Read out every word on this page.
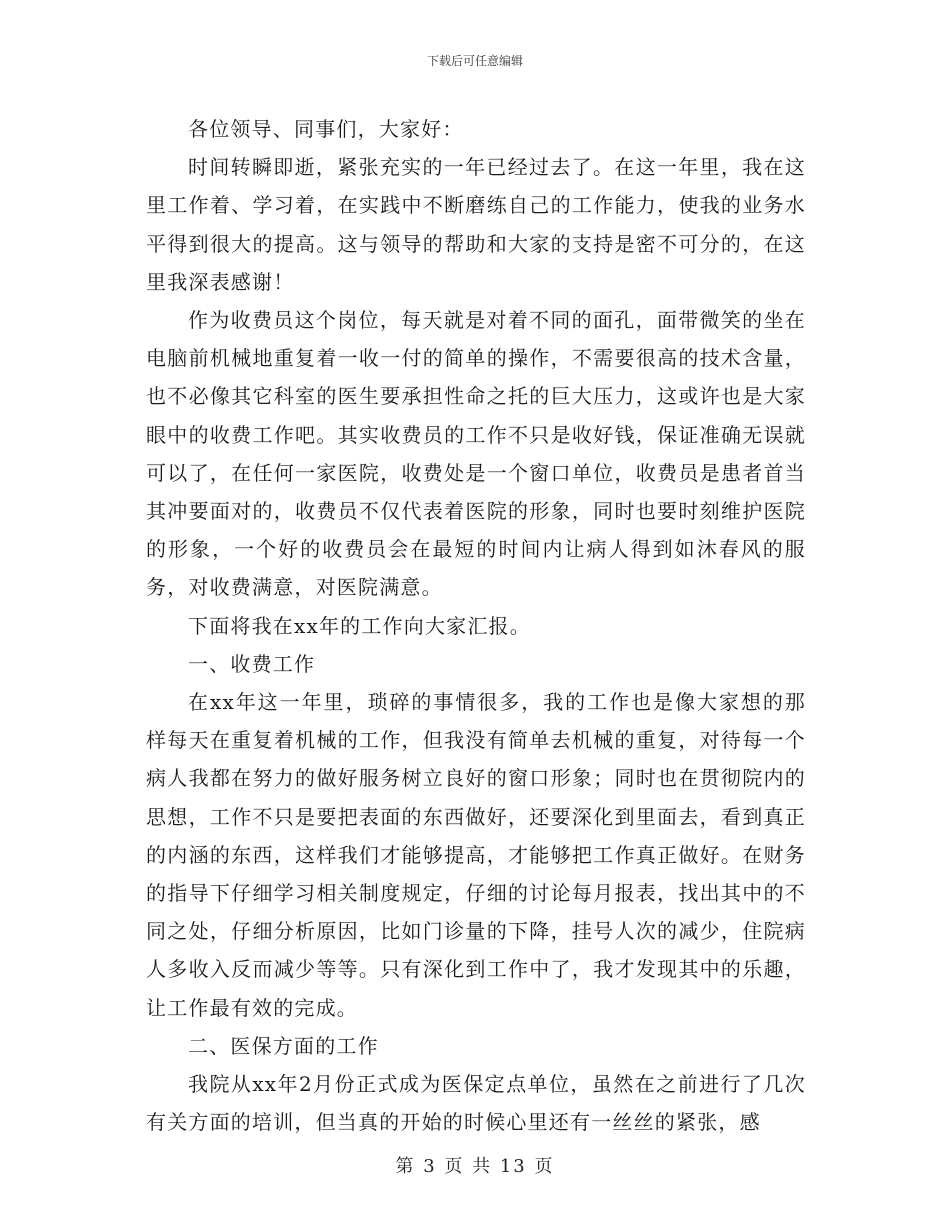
下载后可任意编辑

各位领导、同事们，大家好：

时间转瞬即逝，紧张充实的一年已经过去了。在这一年里，我在这里工作着、学习着，在实践中不断磨练自己的工作能力，使我的业务水平得到很大的提高。这与领导的帮助和大家的支持是密不可分的，在这里我深表感谢！

作为收费员这个岗位，每天就是对着不同的面孔，面带微笑的坐在电脑前机械地重复着一收一付的简单的操作，不需要很高的技术含量，也不必像其它科室的医生要承担性命之托的巨大压力，这或许也是大家眼中的收费工作吧。其实收费员的工作不只是收好钱，保证准确无误就可以了，在任何一家医院，收费处是一个窗口单位，收费员是患者首当其冲要面对的，收费员不仅代表着医院的形象，同时也要时刻维护医院的形象，一个好的收费员会在最短的时间内让病人得到如沐春风的服务，对收费满意，对医院满意。

下面将我在xx年的工作向大家汇报。

一、收费工作

在xx年这一年里，琐碎的事情很多，我的工作也是像大家想的那样每天在重复着机械的工作，但我没有简单去机械的重复，对待每一个病人我都在努力的做好服务树立良好的窗口形象；同时也在贯彻院内的思想，工作不只是要把表面的东西做好，还要深化到里面去，看到真正的内涵的东西，这样我们才能够提高，才能够把工作真正做好。在财务的指导下仔细学习相关制度规定，仔细的讨论每月报表，找出其中的不同之处，仔细分析原因，比如门诊量的下降，挂号人次的减少，住院病人多收入反而减少等等。只有深化到工作中了，我才发现其中的乐趣，让工作最有效的完成。

二、医保方面的工作

我院从xx年2月份正式成为医保定点单位，虽然在之前进行了几次有关方面的培训，但当真的开始的时候心里还有一丝丝的紧张，感

第 3 页 共 13 页
